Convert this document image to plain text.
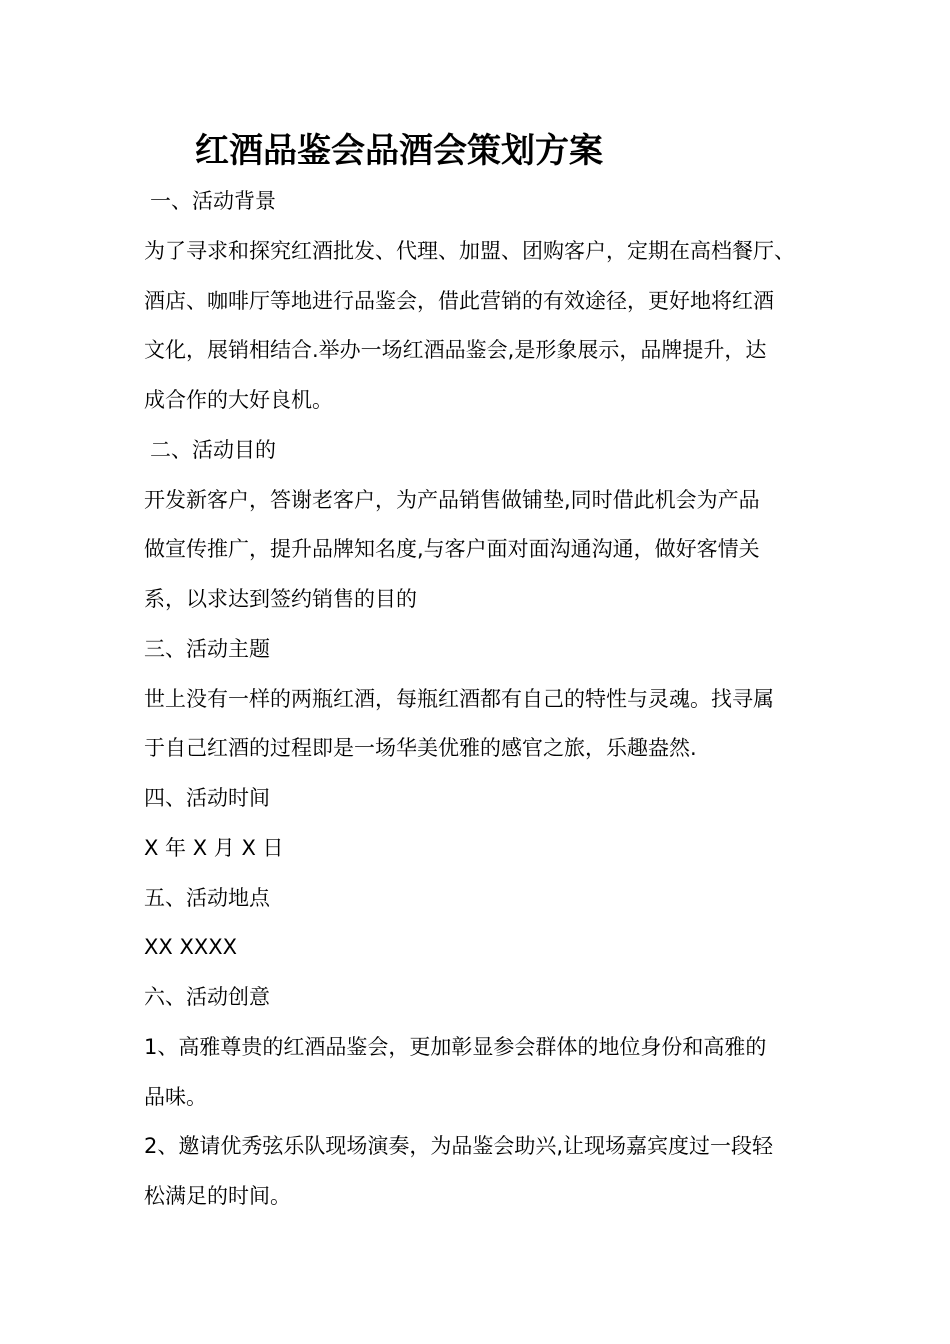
红酒品鉴会品酒会策划方案
一、活动背景
为了寻求和探究红酒批发、代理、加盟、团购客户，定期在高档餐厅、
酒店、咖啡厅等地进行品鉴会，借此营销的有效途径，更好地将红酒
文化，展销相结合.举办一场红酒品鉴会,是形象展示，品牌提升，达
成合作的大好良机。
二、活动目的
开发新客户，答谢老客户，为产品销售做铺垫,同时借此机会为产品
做宣传推广，提升品牌知名度,与客户面对面沟通沟通，做好客情关
系，以求达到签约销售的目的
三、活动主题
世上没有一样的两瓶红酒，每瓶红酒都有自己的特性与灵魂。找寻属
于自己红酒的过程即是一场华美优雅的感官之旅，乐趣盎然.
四、活动时间
X 年 X 月 X 日
五、活动地点
XX XXXX
六、活动创意
1、高雅尊贵的红酒品鉴会，更加彰显参会群体的地位身份和高雅的
品味。
2、邀请优秀弦乐队现场演奏，为品鉴会助兴,让现场嘉宾度过一段轻
松满足的时间。
